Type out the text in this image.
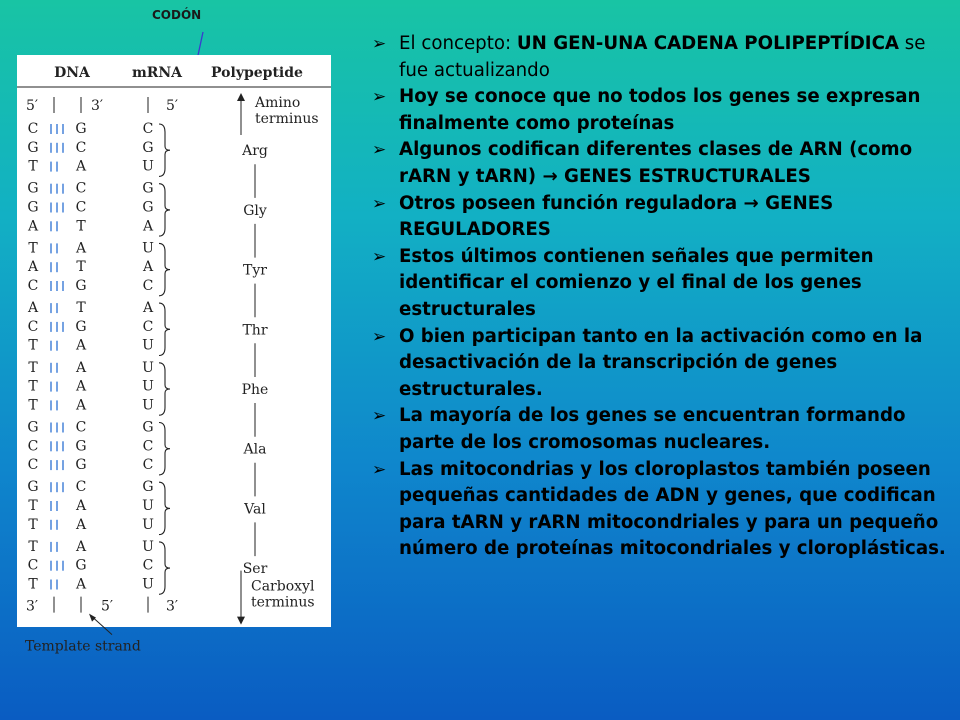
CODÓN
DNA	mRNA Polypeptide
5′	3′	5′	Amino
terminus
C	G	C
G	C	G
T	A	U
Arg
G	C	G
G	C	G
A	T	A
Gly
T	A	U
A	T	A
C	G	C
Tyr
A	T	A
C	G	C
T	A	U
Thr
T	A	U
T	A	U
T	A	U
Phe
G	C	G
C	G	C
C	G	C
Ala
G	C	G
T	A	U
T	A	U
Val
T	A	U
C	G	C
T	A	U
Ser
3′	5′	3′
Carboxyl
terminus
Template strand
➢ El concepto: UN GEN-UNA CADENA POLIPEPTÍDICA se fue actualizando
➢ Hoy se conoce que no todos los genes se expresan finalmente como proteínas
➢ Algunos codifican diferentes clases de ARN (como rARN y tARN) → GENES ESTRUCTURALES
➢ Otros poseen función reguladora → GENES REGULADORES
➢ Estos últimos contienen señales que permiten identificar el comienzo y el final de los genes estructurales
➢ O bien participan tanto en la activación como en la desactivación de la transcripción de genes estructurales.
➢ La mayoría de los genes se encuentran formando parte de los cromosomas nucleares.
➢ Las mitocondrias y los cloroplastos también poseen pequeñas cantidades de ADN y genes, que codifican para tARN y rARN mitocondriales y para un pequeño número de proteínas mitocondriales y cloroplásticas.
